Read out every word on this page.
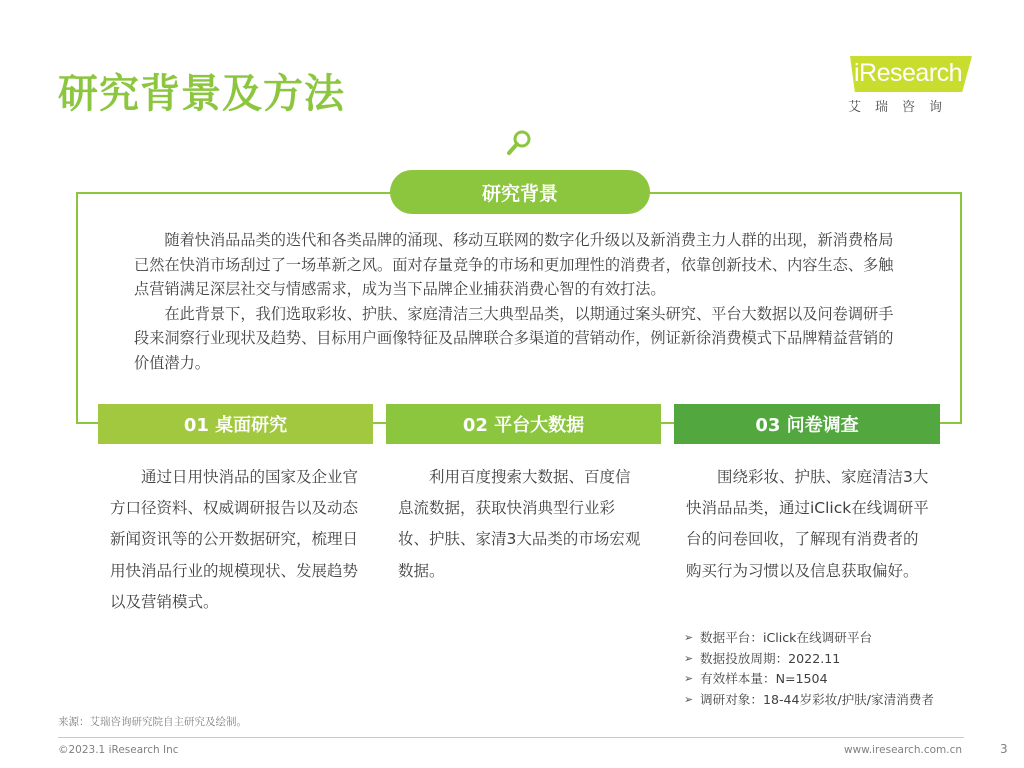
研究背景及方法	iResearch
艾瑞咨询
研究背景

随着快消品品类的迭代和各类品牌的涌现、移动互联网的数字化升级以及新消费主力人群的出现，新消费格局已然在快消市场刮过了一场革新之风。面对存量竞争的市场和更加理性的消费者，依靠创新技术、内容生态、多触点营销满足深层社交与情感需求，成为当下品牌企业捕获消费心智的有效打法。

在此背景下，我们选取彩妆、护肤、家庭清洁三大典型品类，以期通过案头研究、平台大数据以及问卷调研手段来洞察行业现状及趋势、目标用户画像特征及品牌联合多渠道的营销动作，例证新徐消费模式下品牌精益营销的价值潜力。

01 桌面研究	02 平台大数据	03 问卷调查

通过日用快消品的国家及企业官方口径资料、权威调研报告以及动态新闻资讯等的公开数据研究，梳理日用快消品行业的规模现状、发展趋势以及营销模式。

利用百度搜索大数据、百度信息流数据，获取快消典型行业彩妆、护肤、家清3大品类的市场宏观数据。

围绕彩妆、护肤、家庭清洁3大快消品品类，通过iClick在线调研平台的问卷回收，了解现有消费者的购买行为习惯以及信息获取偏好。

➢ 数据平台：iClick在线调研平台
➢ 数据投放周期：2022.11
➢ 有效样本量：N=1504
➢ 调研对象：18-44岁彩妆/护肤/家清消费者
来源：艾瑞咨询研究院自主研究及绘制。
©2023.1 iResearch Inc	www.iresearch.com.cn	3
